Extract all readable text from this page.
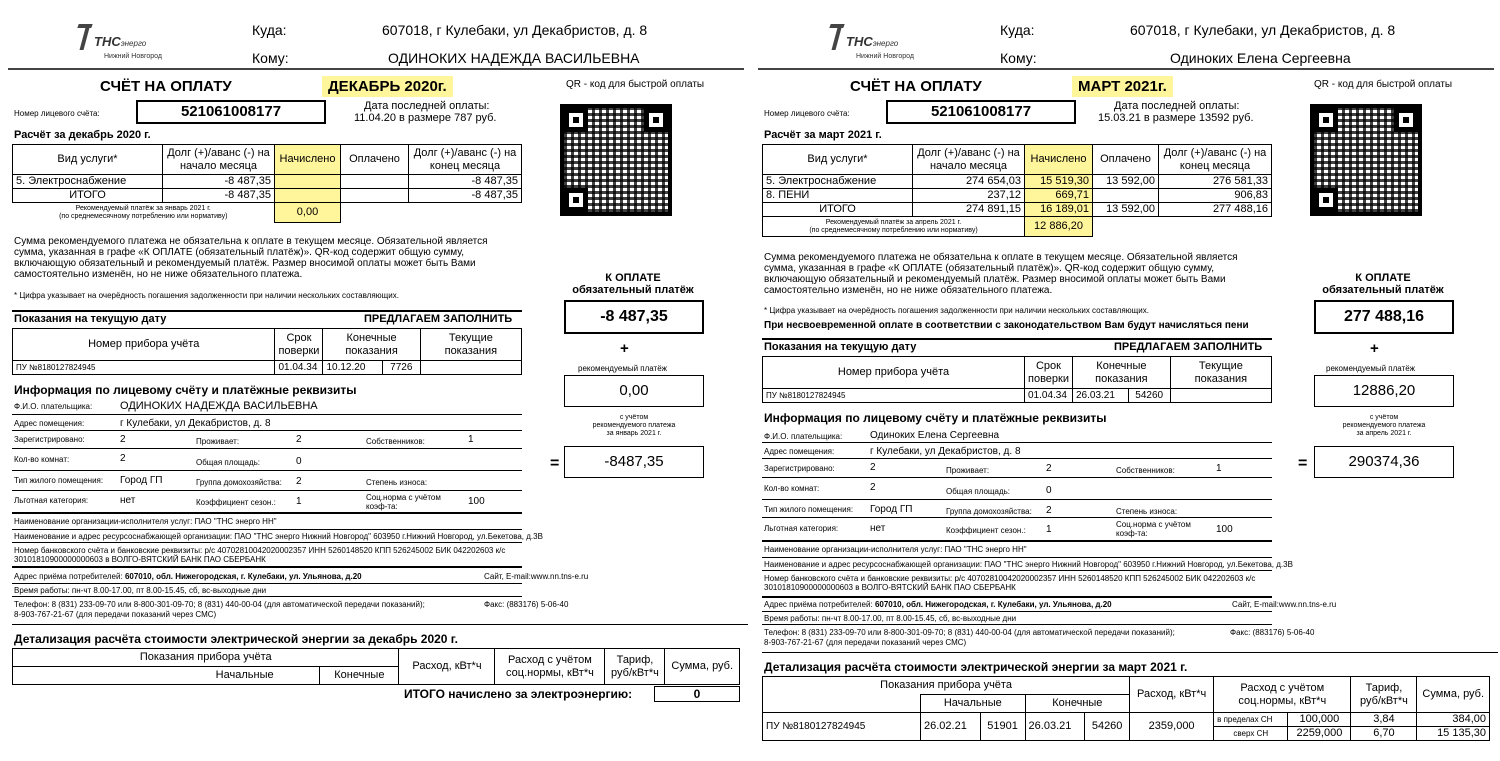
ТНСэнерго
Нижний Новгород
Куда:	607018, г Кулебаки, ул Декабристов, д. 8
Кому:	ОДИНОКИХ НАДЕЖДА ВАСИЛЬЕВНА
СЧЁТ НА ОПЛАТУ	ДЕКАБРЬ 2020г.	QR - код для быстрой оплаты
Номер лицевого счёта:	521061008177	Дата последней оплаты:
11.04.20 в размере 787 руб.
Расчёт за декабрь 2020 г.
Вид услуги*	Долг (+)/аванс (-) на начало месяца	Начислено	Оплачено	Долг (+)/аванс (-) на конец месяца
5. Электроснабжение	-8 487,35			-8 487,35
ИТОГО	-8 487,35			-8 487,35
Рекомендуемый платёж за январь 2021 г.
(по среднемесячному потреблению или нормативу)		0,00		
Сумма рекомендуемого платежа не обязательна к оплате в текущем месяце. Обязательной является сумма, указанная в графе «К ОПЛАТЕ (обязательный платёж)». QR-код содержит общую сумму, включающую обязательный и рекомендуемый платёж. Размер вносимой оплаты может быть Вами самостоятельно изменён, но не ниже обязательного платежа.
* Цифра указывает на очерёдность погашения задолженности при наличии нескольких составляющих.
К ОПЛАТЕ
обязательный платёж
-8 487,35
+
рекомендуемый платёж
0,00
с учётом
рекомендуемого платежа
за январь 2021 г.
=	-8487,35
Показания на текущую дату	ПРЕДЛАГАЕМ ЗАПОЛНИТЬ
Номер прибора учёта	Срок поверки	Конечные показания		Текущие показания
ПУ №8180127824945	01.04.34	10.12.20	7726	
Информация по лицевому счёту и платёжные реквизиты
Ф.И.О. плательщика:	ОДИНОКИХ НАДЕЖДА ВАСИЛЬЕВНА
Адрес помещения:	г Кулебаки, ул Декабристов, д. 8
Зарегистрировано:	2	Проживает:	2	Собственников:	1
Кол-во комнат:	2	Общая площадь:	0
Тип жилого помещения: Город ГП	Группа домохозяйства: 2	Степень износа:
Льготная категория:	нет	Коэффициент сезон.: 1	Соц.норма с учётом коэф-та:	100
Наименование организации-исполнителя услуг: ПАО "ТНС энерго НН"
Наименование и адрес ресурсоснабжающей организации: ПАО "ТНС энерго Нижний Новгород" 603950 г.Нижний Новгород, ул.Бекетова, д.3В
Номер банковского счёта и банковские реквизиты: р/с 40702810042020002357 ИНН 5260148520 КПП 526245002 БИК 042202603 к/с 30101810900000000603 в ВОЛГО-ВЯТСКИЙ БАНК ПАО СБЕРБАНК
Адрес приёма потребителей: 607010, обл. Нижегородская, г. Кулебаки, ул. Ульянова, д.20	Сайт, E-mail:www.nn.tns-e.ru
Время работы: пн-чт 8.00-17.00, пт 8.00-15.45, сб, вс-выходные дни
Телефон: 8 (831) 233-09-70 или 8-800-301-09-70; 8 (831) 440-00-04 (для автоматической передачи показаний);	Факс: (883176) 5-06-40
8-903-767-21-67 (для передачи показаний через СМС)
Детализация расчёта стоимости электрической энергии за декабрь 2020 г.
Показания прибора учёта		Расход, кВт*ч	Расход с учётом соц.нормы, кВт*ч	Тариф, руб/кВт*ч	Сумма, руб.
Начальные	Конечные				
ИТОГО начислено за электроэнергию:	0
ТНСэнерго
Нижний Новгород
Куда:	607018, г Кулебаки, ул Декабристов, д. 8
Кому:	Одиноких Елена Сергеевна
СЧЁТ НА ОПЛАТУ	МАРТ 2021г.	QR - код для быстрой оплаты
Номер лицевого счёта:	521061008177	Дата последней оплаты:
15.03.21 в размере 13592 руб.
Расчёт за март 2021 г.
Вид услуги*	Долг (+)/аванс (-) на начало месяца	Начислено	Оплачено	Долг (+)/аванс (-) на конец месяца
5. Электроснабжение	274 654,03	15 519,30	13 592,00	276 581,33
8. ПЕНИ	237,12	669,71		906,83
ИТОГО	274 891,15	16 189,01	13 592,00	277 488,16
Рекомендуемый платёж за апрель 2021 г.
(по среднемесячному потреблению или нормативу)		12 886,20		
Сумма рекомендуемого платежа не обязательна к оплате в текущем месяце. Обязательной является сумма, указанная в графе «К ОПЛАТЕ (обязательный платёж)». QR-код содержит общую сумму, включающую обязательный и рекомендуемый платёж. Размер вносимой оплаты может быть Вами самостоятельно изменён, но не ниже обязательного платежа.
* Цифра указывает на очерёдность погашения задолженности при наличии нескольких составляющих.
При несвоевременной оплате в соответствии с законодательством Вам будут начисляться пени
К ОПЛАТЕ
обязательный платёж
277 488,16
+
рекомендуемый платёж
12886,20
с учётом
рекомендуемого платежа
за апрель 2021 г.
=	290374,36
Показания на текущую дату	ПРЕДЛАГАЕМ ЗАПОЛНИТЬ
Номер прибора учёта	Срок поверки	Конечные показания		Текущие показания
ПУ №8180127824945	01.04.34	26.03.21	54260	
Информация по лицевому счёту и платёжные реквизиты
Ф.И.О. плательщика:	Одиноких Елена Сергеевна
Адрес помещения:	г Кулебаки, ул Декабристов, д. 8
Зарегистрировано:	2	Проживает:	2	Собственников:	1
Кол-во комнат:	2	Общая площадь:	0
Тип жилого помещения: Город ГП	Группа домохозяйства: 2	Степень износа:
Льготная категория:	нет	Коэффициент сезон.: 1	Соц.норма с учётом коэф-та:	100
Наименование организации-исполнителя услуг: ПАО "ТНС энерго НН"
Наименование и адрес ресурсоснабжающей организации: ПАО "ТНС энерго Нижний Новгород" 603950 г.Нижний Новгород, ул.Бекетова, д.3В
Номер банковского счёта и банковские реквизиты: р/с 40702810042020002357 ИНН 5260148520 КПП 526245002 БИК 042202603 к/с 30101810900000000603 в ВОЛГО-ВЯТСКИЙ БАНК ПАО СБЕРБАНК
Адрес приёма потребителей: 607010, обл. Нижегородская, г. Кулебаки, ул. Ульянова, д.20	Сайт, E-mail:www.nn.tns-e.ru
Время работы: пн-чт 8.00-17.00, пт 8.00-15.45, сб, вс-выходные дни
Телефон: 8 (831) 233-09-70 или 8-800-301-09-70; 8 (831) 440-00-04 (для автоматической передачи показаний);	Факс: (883176) 5-06-40
8-903-767-21-67 (для передачи показаний через СМС)
Детализация расчёта стоимости электрической энергии за март 2021 г.
Показания прибора учёта					Расход, кВт*ч	Расход с учётом соц.нормы, кВт*ч		Тариф, руб/кВт*ч	Сумма, руб.
	Начальные		Конечные						
ПУ №8180127824945	26.02.21	51901	26.03.21	54260	2359,000	в пределах СН	100,000	3,84	384,00
						сверх СН	2259,000	6,70	15 135,30
